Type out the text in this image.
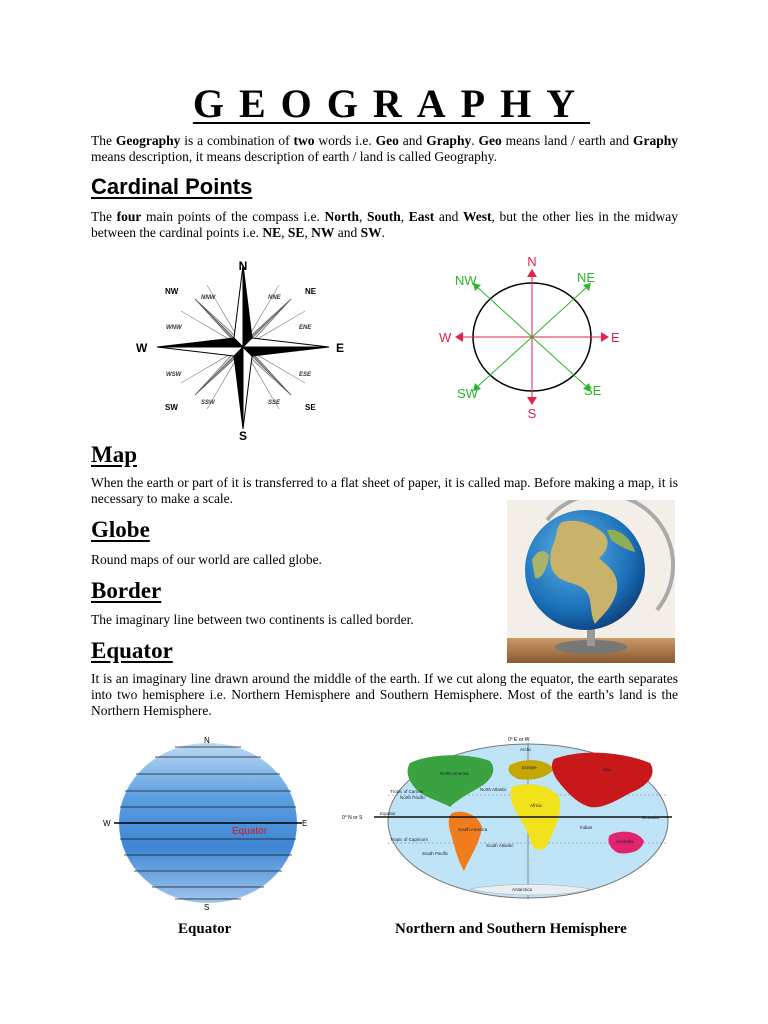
GEOGRAPHY
The Geography is a combination of two words i.e. Geo and Graphy. Geo means land / earth and Graphy means description, it means description of earth / land is called Geography.
Cardinal Points
The four main points of the compass i.e. North, South, East and West, but the other lies in the midway between the cardinal points i.e. NE, SE, NW and SW.
N
S
W	E
NW	NE
SW	SE
NNW	NNE
WNW	ENE
WSW	ESE
SSW	SSE
N
S
W	E
NW	NE
SW	SE
Map
When the earth or part of it is transferred to a flat sheet of paper, it is called map. Before making a map, it is necessary to make a scale.
Globe
Round maps of our world are called globe.
Border
The imaginary line between two continents is called border.
Equator
It is an imaginary line drawn around the middle of the earth. If we cut along the equator, the earth separates into two hemisphere i.e. Northern Hemisphere and Southern Hemisphere. Most of the earth’s land is the Northern Hemisphere.
Equator
N
S
W	E
0° E or W
0° N or S
North America
Europe	Asia
Africa
South America
Australia
Antarctica
North Pacific
North Atlantic
South Atlantic
South Pacific
Indian
Arctic
Oceania
Tropic of Cancer
Tropic of Capricorn
Equator
Equator	Northern and Southern Hemisphere
